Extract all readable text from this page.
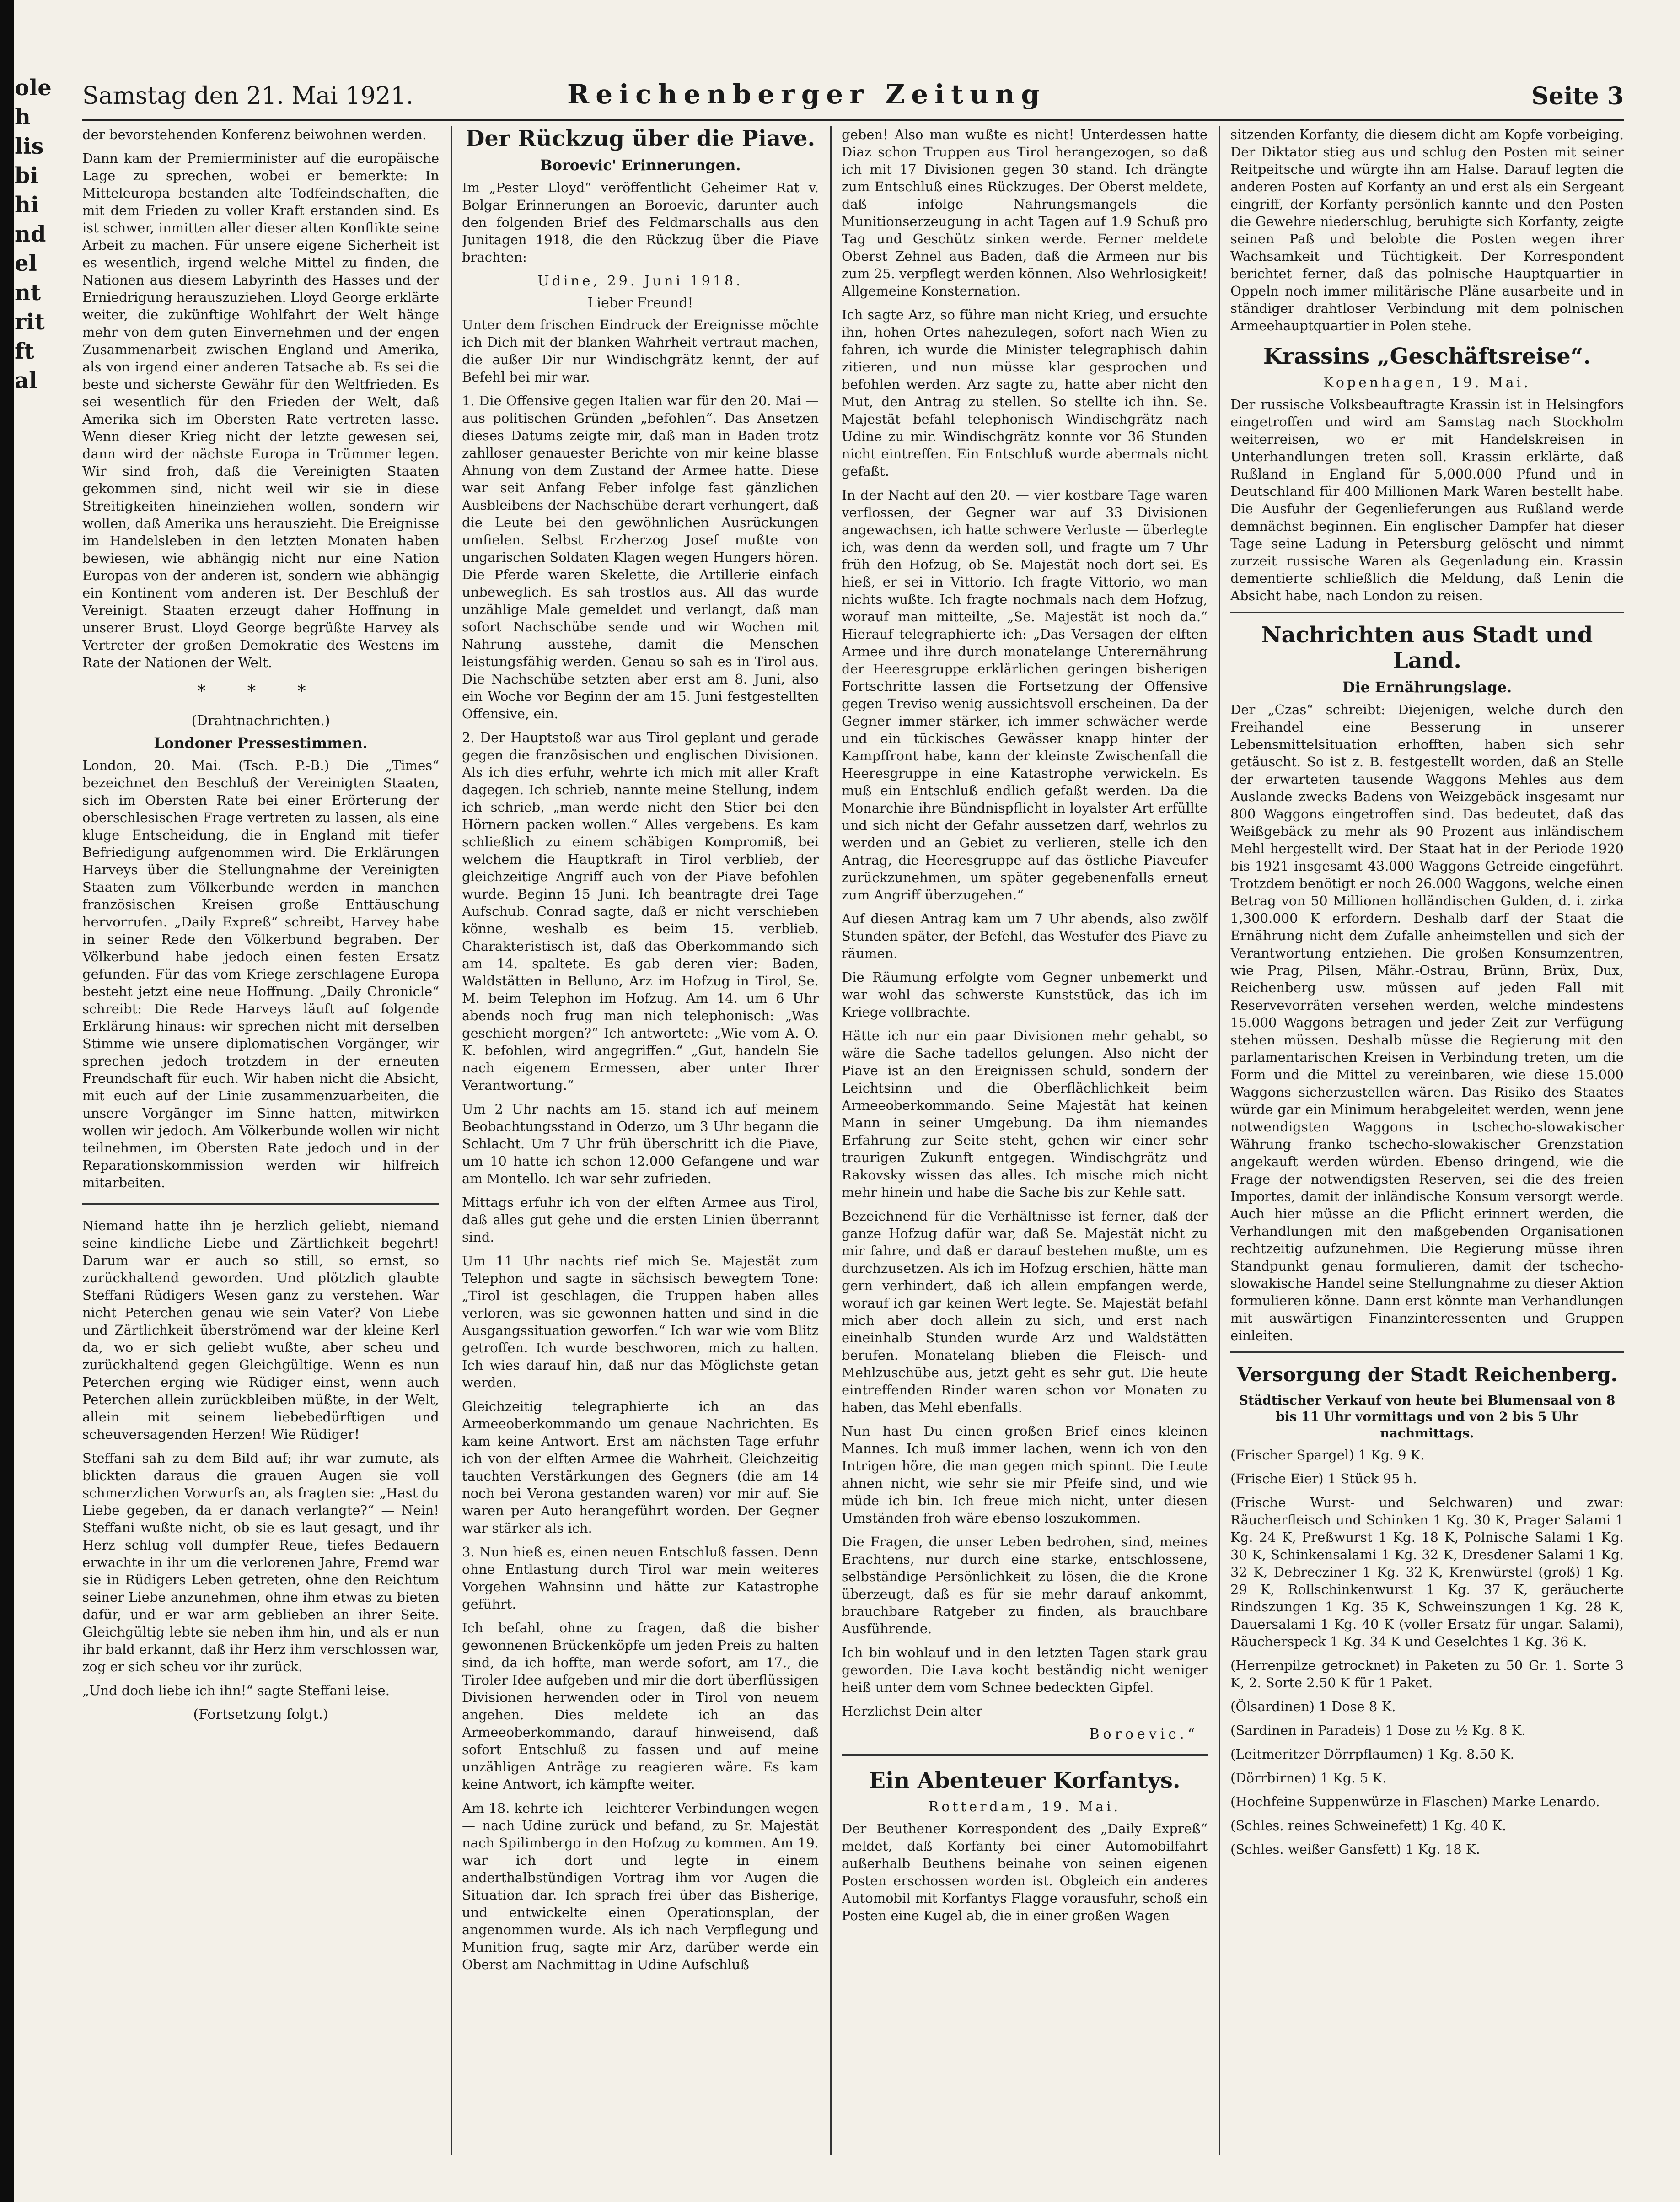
ole
h
lis
bi
hi
nd
el
nt
rit
ft
al
Samstag den 21. Mai 1921.	Reichenberger Zeitung	Seite 3

der bevorstehenden Konferenz beiwohnen werden.

Dann kam der Premierminister auf die europäische Lage zu sprechen, wobei er bemerkte: In Mitteleuropa bestanden alte Todfeindschaften, die mit dem Frieden zu voller Kraft erstanden sind. Es ist schwer, inmitten aller dieser alten Konflikte seine Arbeit zu machen. Für unsere eigene Sicherheit ist es wesentlich, irgend welche Mittel zu finden, die Nationen aus diesem Labyrinth des Hasses und der Erniedrigung herauszuziehen. Lloyd George erklärte weiter, die zukünftige Wohlfahrt der Welt hänge mehr von dem guten Einvernehmen und der engen Zusammenarbeit zwischen England und Amerika, als von irgend einer anderen Tatsache ab. Es sei die beste und sicherste Gewähr für den Weltfrieden. Es sei wesentlich für den Frieden der Welt, daß Amerika sich im Obersten Rate vertreten lasse. Wenn dieser Krieg nicht der letzte gewesen sei, dann wird der nächste Europa in Trümmer legen. Wir sind froh, daß die Vereinigten Staaten gekommen sind, nicht weil wir sie in diese Streitigkeiten hineinziehen wollen, sondern wir wollen, daß Amerika uns herauszieht. Die Ereignisse im Handelsleben in den letzten Monaten haben bewiesen, wie abhängig nicht nur eine Nation Europas von der anderen ist, sondern wie abhängig ein Kontinent vom anderen ist. Der Beschluß der Vereinigt. Staaten erzeugt daher Hoffnung in unserer Brust. Lloyd George begrüßte Harvey als Vertreter der großen Demokratie des Westens im Rate der Nationen der Welt.

* * *
(Drahtnachrichten.)
Londoner Pressestimmen.

London, 20. Mai. (Tsch. P.-B.) Die „Times“ bezeichnet den Beschluß der Vereinigten Staaten, sich im Obersten Rate bei einer Erörterung der oberschlesischen Frage vertreten zu lassen, als eine kluge Entscheidung, die in England mit tiefer Befriedigung aufgenommen wird. Die Erklärungen Harveys über die Stellungnahme der Vereinigten Staaten zum Völkerbunde werden in manchen französischen Kreisen große Enttäuschung hervorrufen. „Daily Expreß“ schreibt, Harvey habe in seiner Rede den Völkerbund begraben. Der Völkerbund habe jedoch einen festen Ersatz gefunden. Für das vom Kriege zerschlagene Europa besteht jetzt eine neue Hoffnung. „Daily Chronicle“ schreibt: Die Rede Harveys läuft auf folgende Erklärung hinaus: wir sprechen nicht mit derselben Stimme wie unsere diplomatischen Vorgänger, wir sprechen jedoch trotzdem in der erneuten Freundschaft für euch. Wir haben nicht die Absicht, mit euch auf der Linie zusammenzuarbeiten, die unsere Vorgänger im Sinne hatten, mitwirken wollen wir jedoch. Am Völkerbunde wollen wir nicht teilnehmen, im Obersten Rate jedoch und in der Reparationskommission werden wir hilfreich mitarbeiten.

Niemand hatte ihn je herzlich geliebt, niemand seine kindliche Liebe und Zärtlichkeit begehrt! Darum war er auch so still, so ernst, so zurückhaltend geworden. Und plötzlich glaubte Steffani Rüdigers Wesen ganz zu verstehen. War nicht Peterchen genau wie sein Vater? Von Liebe und Zärtlichkeit überströmend war der kleine Kerl da, wo er sich geliebt wußte, aber scheu und zurückhaltend gegen Gleichgültige. Wenn es nun Peterchen erging wie Rüdiger einst, wenn auch Peterchen allein zurückbleiben müßte, in der Welt, allein mit seinem liebebedürftigen und scheuversagenden Herzen! Wie Rüdiger!

Steffani sah zu dem Bild auf; ihr war zumute, als blickten daraus die grauen Augen sie voll schmerzlichen Vorwurfs an, als fragten sie: „Hast du Liebe gegeben, da er danach verlangte?“ — Nein! Steffani wußte nicht, ob sie es laut gesagt, und ihr Herz schlug voll dumpfer Reue, tiefes Bedauern erwachte in ihr um die verlorenen Jahre, Fremd war sie in Rüdigers Leben getreten, ohne den Reichtum seiner Liebe anzunehmen, ohne ihm etwas zu bieten dafür, und er war arm geblieben an ihrer Seite. Gleichgültig lebte sie neben ihm hin, und als er nun ihr bald erkannt, daß ihr Herz ihm verschlossen war, zog er sich scheu vor ihr zurück.

„Und doch liebe ich ihn!“ sagte Steffani leise.

(Fortsetzung folgt.)
Der Rückzug über die Piave.
Boroevic' Erinnerungen.

Im „Pester Lloyd“ veröffentlicht Geheimer Rat v. Bolgar Erinnerungen an Boroevic, darunter auch den folgenden Brief des Feldmarschalls aus den Junitagen 1918, die den Rückzug über die Piave brachten:

Udine, 29. Juni 1918.
Lieber Freund!

Unter dem frischen Eindruck der Ereignisse möchte ich Dich mit der blanken Wahrheit vertraut machen, die außer Dir nur Windischgrätz kennt, der auf Befehl bei mir war.

1. Die Offensive gegen Italien war für den 20. Mai — aus politischen Gründen „befohlen“. Das Ansetzen dieses Datums zeigte mir, daß man in Baden trotz zahlloser genauester Berichte von mir keine blasse Ahnung von dem Zustand der Armee hatte. Diese war seit Anfang Feber infolge fast gänzlichen Ausbleibens der Nachschübe derart verhungert, daß die Leute bei den gewöhnlichen Ausrückungen umfielen. Selbst Erzherzog Josef mußte von ungarischen Soldaten Klagen wegen Hungers hören. Die Pferde waren Skelette, die Artillerie einfach unbeweglich. Es sah trostlos aus. All das wurde unzählige Male gemeldet und verlangt, daß man sofort Nachschübe sende und wir Wochen mit Nahrung ausstehe, damit die Menschen leistungsfähig werden. Genau so sah es in Tirol aus. Die Nachschübe setzten aber erst am 8. Juni, also ein Woche vor Beginn der am 15. Juni festgestellten Offensive, ein.

2. Der Hauptstoß war aus Tirol geplant und gerade gegen die französischen und englischen Divisionen. Als ich dies erfuhr, wehrte ich mich mit aller Kraft dagegen. Ich schrieb, nannte meine Stellung, indem ich schrieb, „man werde nicht den Stier bei den Hörnern packen wollen.“ Alles vergebens. Es kam schließlich zu einem schäbigen Kompromiß, bei welchem die Hauptkraft in Tirol verblieb, der gleichzeitige Angriff auch von der Piave befohlen wurde. Beginn 15 Juni. Ich beantragte drei Tage Aufschub. Conrad sagte, daß er nicht verschieben könne, weshalb es beim 15. verblieb. Charakteristisch ist, daß das Oberkommando sich am 14. spaltete. Es gab deren vier: Baden, Waldstätten in Belluno, Arz im Hofzug in Tirol, Se. M. beim Telephon im Hofzug. Am 14. um 6 Uhr abends noch frug man nich telephonisch: „Was geschieht morgen?“ Ich antwortete: „Wie vom A. O. K. befohlen, wird angegriffen.“ „Gut, handeln Sie nach eigenem Ermessen, aber unter Ihrer Verantwortung.“

Um 2 Uhr nachts am 15. stand ich auf meinem Beobachtungsstand in Oderzo, um 3 Uhr begann die Schlacht. Um 7 Uhr früh überschritt ich die Piave, um 10 hatte ich schon 12.000 Gefangene und war am Montello. Ich war sehr zufrieden.

Mittags erfuhr ich von der elften Armee aus Tirol, daß alles gut gehe und die ersten Linien überrannt sind.

Um 11 Uhr nachts rief mich Se. Majestät zum Telephon und sagte in sächsisch bewegtem Tone: „Tirol ist geschlagen, die Truppen haben alles verloren, was sie gewonnen hatten und sind in die Ausgangssituation geworfen.“ Ich war wie vom Blitz getroffen. Ich wurde beschworen, mich zu halten. Ich wies darauf hin, daß nur das Möglichste getan werden.

Gleichzeitig telegraphierte ich an das Armeeoberkommando um genaue Nachrichten. Es kam keine Antwort. Erst am nächsten Tage erfuhr ich von der elften Armee die Wahrheit. Gleichzeitig tauchten Verstärkungen des Gegners (die am 14 noch bei Verona gestanden waren) vor mir auf. Sie waren per Auto herangeführt worden. Der Gegner war stärker als ich.

3. Nun hieß es, einen neuen Entschluß fassen. Denn ohne Entlastung durch Tirol war mein weiteres Vorgehen Wahnsinn und hätte zur Katastrophe geführt.

Ich befahl, ohne zu fragen, daß die bisher gewonnenen Brückenköpfe um jeden Preis zu halten sind, da ich hoffte, man werde sofort, am 17., die Tiroler Idee aufgeben und mir die dort überflüssigen Divisionen herwenden oder in Tirol von neuem angehen. Dies meldete ich an das Armeeoberkommando, darauf hinweisend, daß sofort Entschluß zu fassen und auf meine unzähligen Anträge zu reagieren wäre. Es kam keine Antwort, ich kämpfte weiter.

Am 18. kehrte ich — leichterer Verbindungen wegen — nach Udine zurück und befand, zu Sr. Majestät nach Spilimbergo in den Hofzug zu kommen. Am 19. war ich dort und legte in einem anderthalbstündigen Vortrag ihm vor Augen die Situation dar. Ich sprach frei über das Bisherige, und entwickelte einen Operationsplan, der angenommen wurde. Als ich nach Verpflegung und Munition frug, sagte mir Arz, darüber werde ein Oberst am Nachmittag in Udine Aufschluß

geben! Also man wußte es nicht! Unterdessen hatte Diaz schon Truppen aus Tirol herangezogen, so daß ich mit 17 Divisionen gegen 30 stand. Ich drängte zum Entschluß eines Rückzuges. Der Oberst meldete, daß infolge Nahrungsmangels die Munitionserzeugung in acht Tagen auf 1.9 Schuß pro Tag und Geschütz sinken werde. Ferner meldete Oberst Zehnel aus Baden, daß die Armeen nur bis zum 25. verpflegt werden können. Also Wehrlosigkeit! Allgemeine Konsternation.

Ich sagte Arz, so führe man nicht Krieg, und ersuchte ihn, hohen Ortes nahezulegen, sofort nach Wien zu fahren, ich wurde die Minister telegraphisch dahin zitieren, und nun müsse klar gesprochen und befohlen werden. Arz sagte zu, hatte aber nicht den Mut, den Antrag zu stellen. So stellte ich ihn. Se. Majestät befahl telephonisch Windischgrätz nach Udine zu mir. Windischgrätz konnte vor 36 Stunden nicht eintreffen. Ein Entschluß wurde abermals nicht gefaßt.

In der Nacht auf den 20. — vier kostbare Tage waren verflossen, der Gegner war auf 33 Divisionen angewachsen, ich hatte schwere Verluste — überlegte ich, was denn da werden soll, und fragte um 7 Uhr früh den Hofzug, ob Se. Majestät noch dort sei. Es hieß, er sei in Vittorio. Ich fragte Vittorio, wo man nichts wußte. Ich fragte nochmals nach dem Hofzug, worauf man mitteilte, „Se. Majestät ist noch da.“ Hierauf telegraphierte ich: „Das Versagen der elften Armee und ihre durch monatelange Unterernährung der Heeresgruppe erklärlichen geringen bisherigen Fortschritte lassen die Fortsetzung der Offensive gegen Treviso wenig aussichtsvoll erscheinen. Da der Gegner immer stärker, ich immer schwächer werde und ein tückisches Gewässer knapp hinter der Kampffront habe, kann der kleinste Zwischenfall die Heeresgruppe in eine Katastrophe verwickeln. Es muß ein Entschluß endlich gefaßt werden. Da die Monarchie ihre Bündnispflicht in loyalster Art erfüllte und sich nicht der Gefahr aussetzen darf, wehrlos zu werden und an Gebiet zu verlieren, stelle ich den Antrag, die Heeresgruppe auf das östliche Piaveufer zurückzunehmen, um später gegebenenfalls erneut zum Angriff überzugehen.“

Auf diesen Antrag kam um 7 Uhr abends, also zwölf Stunden später, der Befehl, das Westufer des Piave zu räumen.

Die Räumung erfolgte vom Gegner unbemerkt und war wohl das schwerste Kunststück, das ich im Kriege vollbrachte.

Hätte ich nur ein paar Divisionen mehr gehabt, so wäre die Sache tadellos gelungen. Also nicht der Piave ist an den Ereignissen schuld, sondern der Leichtsinn und die Oberflächlichkeit beim Armeeoberkommando. Seine Majestät hat keinen Mann in seiner Umgebung. Da ihm niemandes Erfahrung zur Seite steht, gehen wir einer sehr traurigen Zukunft entgegen. Windischgrätz und Rakovsky wissen das alles. Ich mische mich nicht mehr hinein und habe die Sache bis zur Kehle satt.

Bezeichnend für die Verhältnisse ist ferner, daß der ganze Hofzug dafür war, daß Se. Majestät nicht zu mir fahre, und daß er darauf bestehen mußte, um es durchzusetzen. Als ich im Hofzug erschien, hätte man gern verhindert, daß ich allein empfangen werde, worauf ich gar keinen Wert legte. Se. Majestät befahl mich aber doch allein zu sich, und erst nach eineinhalb Stunden wurde Arz und Waldstätten berufen. Monatelang blieben die Fleisch- und Mehlzuschübe aus, jetzt geht es sehr gut. Die heute eintreffenden Rinder waren schon vor Monaten zu haben, das Mehl ebenfalls.

Nun hast Du einen großen Brief eines kleinen Mannes. Ich muß immer lachen, wenn ich von den Intrigen höre, die man gegen mich spinnt. Die Leute ahnen nicht, wie sehr sie mir Pfeife sind, und wie müde ich bin. Ich freue mich nicht, unter diesen Umständen froh wäre ebenso loszukommen.

Die Fragen, die unser Leben bedrohen, sind, meines Erachtens, nur durch eine starke, entschlossene, selbständige Persönlichkeit zu lösen, die die Krone überzeugt, daß es für sie mehr darauf ankommt, brauchbare Ratgeber zu finden, als brauchbare Ausführende.

Ich bin wohlauf und in den letzten Tagen stark grau geworden. Die Lava kocht beständig nicht weniger heiß unter dem vom Schnee bedeckten Gipfel.

Herzlichst Dein alter

Boroevic.“
Ein Abenteuer Korfantys.
Rotterdam, 19. Mai.

Der Beuthener Korrespondent des „Daily Expreß“ meldet, daß Korfanty bei einer Automobilfahrt außerhalb Beuthens beinahe von seinen eigenen Posten erschossen worden ist. Obgleich ein anderes Automobil mit Korfantys Flagge vorausfuhr, schoß ein Posten eine Kugel ab, die in einer großen Wagen

sitzenden Korfanty, die diesem dicht am Kopfe vorbeiging. Der Diktator stieg aus und schlug den Posten mit seiner Reitpeitsche und würgte ihn am Halse. Darauf legten die anderen Posten auf Korfanty an und erst als ein Sergeant eingriff, der Korfanty persönlich kannte und den Posten die Gewehre niederschlug, beruhigte sich Korfanty, zeigte seinen Paß und belobte die Posten wegen ihrer Wachsamkeit und Tüchtigkeit. Der Korrespondent berichtet ferner, daß das polnische Hauptquartier in Oppeln noch immer militärische Pläne ausarbeite und in ständiger drahtloser Verbindung mit dem polnischen Armeehauptquartier in Polen stehe.

Krassins „Geschäftsreise“.
Kopenhagen, 19. Mai.

Der russische Volksbeauftragte Krassin ist in Helsingfors eingetroffen und wird am Samstag nach Stockholm weiterreisen, wo er mit Handelskreisen in Unterhandlungen treten soll. Krassin erklärte, daß Rußland in England für 5,000.000 Pfund und in Deutschland für 400 Millionen Mark Waren bestellt habe. Die Ausfuhr der Gegenlieferungen aus Rußland werde demnächst beginnen. Ein englischer Dampfer hat dieser Tage seine Ladung in Petersburg gelöscht und nimmt zurzeit russische Waren als Gegenladung ein. Krassin dementierte schließlich die Meldung, daß Lenin die Absicht habe, nach London zu reisen.

Nachrichten aus Stadt und Land.
Die Ernährungslage.

Der „Czas“ schreibt: Diejenigen, welche durch den Freihandel eine Besserung in unserer Lebensmittelsituation erhofften, haben sich sehr getäuscht. So ist z. B. festgestellt worden, daß an Stelle der erwarteten tausende Waggons Mehles aus dem Auslande zwecks Badens von Weizgebäck insgesamt nur 800 Waggons eingetroffen sind. Das bedeutet, daß das Weißgebäck zu mehr als 90 Prozent aus inländischem Mehl hergestellt wird. Der Staat hat in der Periode 1920 bis 1921 insgesamt 43.000 Waggons Getreide eingeführt. Trotzdem benötigt er noch 26.000 Waggons, welche einen Betrag von 50 Millionen holländischen Gulden, d. i. zirka 1,300.000 K erfordern. Deshalb darf der Staat die Ernährung nicht dem Zufalle anheimstellen und sich der Verantwortung entziehen. Die großen Konsumzentren, wie Prag, Pilsen, Mähr.-Ostrau, Brünn, Brüx, Dux, Reichenberg usw. müssen auf jeden Fall mit Reservevorräten versehen werden, welche mindestens 15.000 Waggons betragen und jeder Zeit zur Verfügung stehen müssen. Deshalb müsse die Regierung mit den parlamentarischen Kreisen in Verbindung treten, um die Form und die Mittel zu vereinbaren, wie diese 15.000 Waggons sicherzustellen wären. Das Risiko des Staates würde gar ein Minimum herabgeleitet werden, wenn jene notwendigsten Waggons in tschecho-slowakischer Währung franko tschecho-slowakischer Grenzstation angekauft werden würden. Ebenso dringend, wie die Frage der notwendigsten Reserven, sei die des freien Importes, damit der inländische Konsum versorgt werde. Auch hier müsse an die Pflicht erinnert werden, die Verhandlungen mit den maßgebenden Organisationen rechtzeitig aufzunehmen. Die Regierung müsse ihren Standpunkt genau formulieren, damit der tschecho-slowakische Handel seine Stellungnahme zu dieser Aktion formulieren könne. Dann erst könnte man Verhandlungen mit auswärtigen Finanzinteressenten und Gruppen einleiten.

Versorgung der Stadt Reichenberg.
Städtischer Verkauf von heute bei Blumensaal von 8 bis 11 Uhr vormittags und von 2 bis 5 Uhr nachmittags.

(Frischer Spargel) 1 Kg. 9 K.

(Frische Eier) 1 Stück 95 h.

(Frische Wurst- und Selchwaren) und zwar: Räucherfleisch und Schinken 1 Kg. 30 K, Prager Salami 1 Kg. 24 K, Preßwurst 1 Kg. 18 K, Polnische Salami 1 Kg. 30 K, Schinkensalami 1 Kg. 32 K, Dresdener Salami 1 Kg. 32 K, Debrecziner 1 Kg. 32 K, Krenwürstel (groß) 1 Kg. 29 K, Rollschinkenwurst 1 Kg. 37 K, geräucherte Rindszungen 1 Kg. 35 K, Schweinszungen 1 Kg. 28 K, Dauersalami 1 Kg. 40 K (voller Ersatz für ungar. Salami), Räucherspeck 1 Kg. 34 K und Geselchtes 1 Kg. 36 K.

(Herrenpilze getrocknet) in Paketen zu 50 Gr. 1. Sorte 3 K, 2. Sorte 2.50 K für 1 Paket.

(Ölsardinen) 1 Dose 8 K.

(Sardinen in Paradeis) 1 Dose zu ½ Kg. 8 K.

(Leitmeritzer Dörrpflaumen) 1 Kg. 8.50 K.

(Dörrbirnen) 1 Kg. 5 K.

(Hochfeine Suppenwürze in Flaschen) Marke Lenardo.

(Schles. reines Schweinefett) 1 Kg. 40 K.

(Schles. weißer Gansfett) 1 Kg. 18 K.
